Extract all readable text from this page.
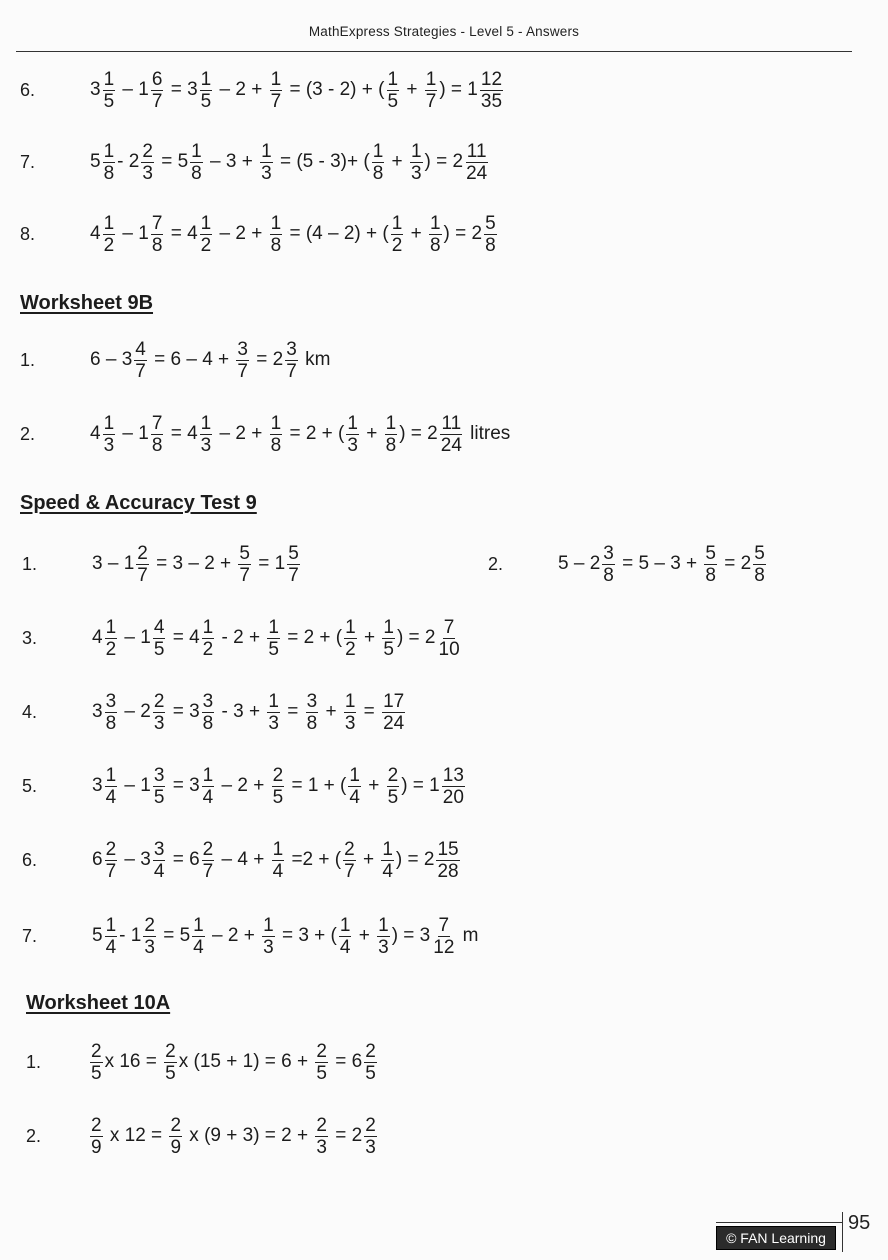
MathExpress Strategies - Level 5 - Answers
6.	$3 \frac{1}{5} - 1 \frac{6}{7} = 3 \frac{1}{5} - 2 + \frac{1}{7} = (3 - 2)$ + ( $\frac{1}{5} + \frac{1}{7}$ ) = $1 \frac{12}{35}$
7.	$5 \frac{1}{8} - 2 \frac{2}{3} = 5 \frac{1}{8} - 3 + \frac{1}{3} = (5 - 3)+$ ( $\frac{1}{8} + \frac{1}{3}$ ) = $2 \frac{11}{24}$
8.	$4 \frac{1}{2} - 1 \frac{7}{8} = 4 \frac{1}{2} - 2 + \frac{1}{8} = (4 - 2)$ + ( $\frac{1}{2} + \frac{1}{8}$ ) = $2 \frac{5}{8}$
Worksheet 9B
1.	$6 - 3 \frac{4}{7} = 6 - 4 + \frac{3}{7} = 2 \frac{3}{7}$ km
2.	$4 \frac{1}{3} - 1 \frac{7}{8} = 4 \frac{1}{3} - 2 + \frac{1}{8} = 2$ + ( $\frac{1}{3} + \frac{1}{8}$ ) = $2 \frac{11}{24}$ litres
Speed & Accuracy Test 9
1.	$3 - 1 \frac{2}{7} = 3 - 2 + \frac{5}{7} = 1 \frac{5}{7}$	2.	$5 - 2 \frac{3}{8} = 5 - 3 + \frac{5}{8} = 2 \frac{5}{8}$
3.	$4 \frac{1}{2} - 1 \frac{4}{5} = 4 \frac{1}{2} - 2 + \frac{1}{5} = 2$ + ( $\frac{1}{2} + \frac{1}{5}$ ) = $2 \frac{7}{10}$
4.	$3 \frac{3}{8} - 2 \frac{2}{3} = 3 \frac{3}{8} - 3 + \frac{1}{3} = \frac{3}{8} + \frac{1}{3} = \frac{17}{24}$
5.	$3 \frac{1}{4} - 1 \frac{3}{5} = 3 \frac{1}{4} - 2 + \frac{2}{5} = 1$ + ( $\frac{1}{4} + \frac{2}{5}$ ) = $1 \frac{13}{20}$
6.	$6 \frac{2}{7} - 3 \frac{3}{4} = 6 \frac{2}{7} - 4 + \frac{1}{4} =2$ + ( $\frac{2}{7} + \frac{1}{4}$ ) = $2 \frac{15}{28}$
7.	$5 \frac{1}{4} - 1 \frac{2}{3} = 5 \frac{1}{4} - 2 + \frac{1}{3} = 3$ + ( $\frac{1}{4} + \frac{1}{3}$ ) = $3 \frac{7}{12}$ m
Worksheet 10A
1.	$\frac{2}{5}$ x $16 = \frac{2}{5}$ x $(15 + 1) = 6 + \frac{2}{5} = 6 \frac{2}{5}$
2.	$\frac{2}{9}$ x $12 = \frac{2}{9}$ x $(9 + 3) = 2 + \frac{2}{3} = 2 \frac{2}{3}$
© FAN Learning
95
